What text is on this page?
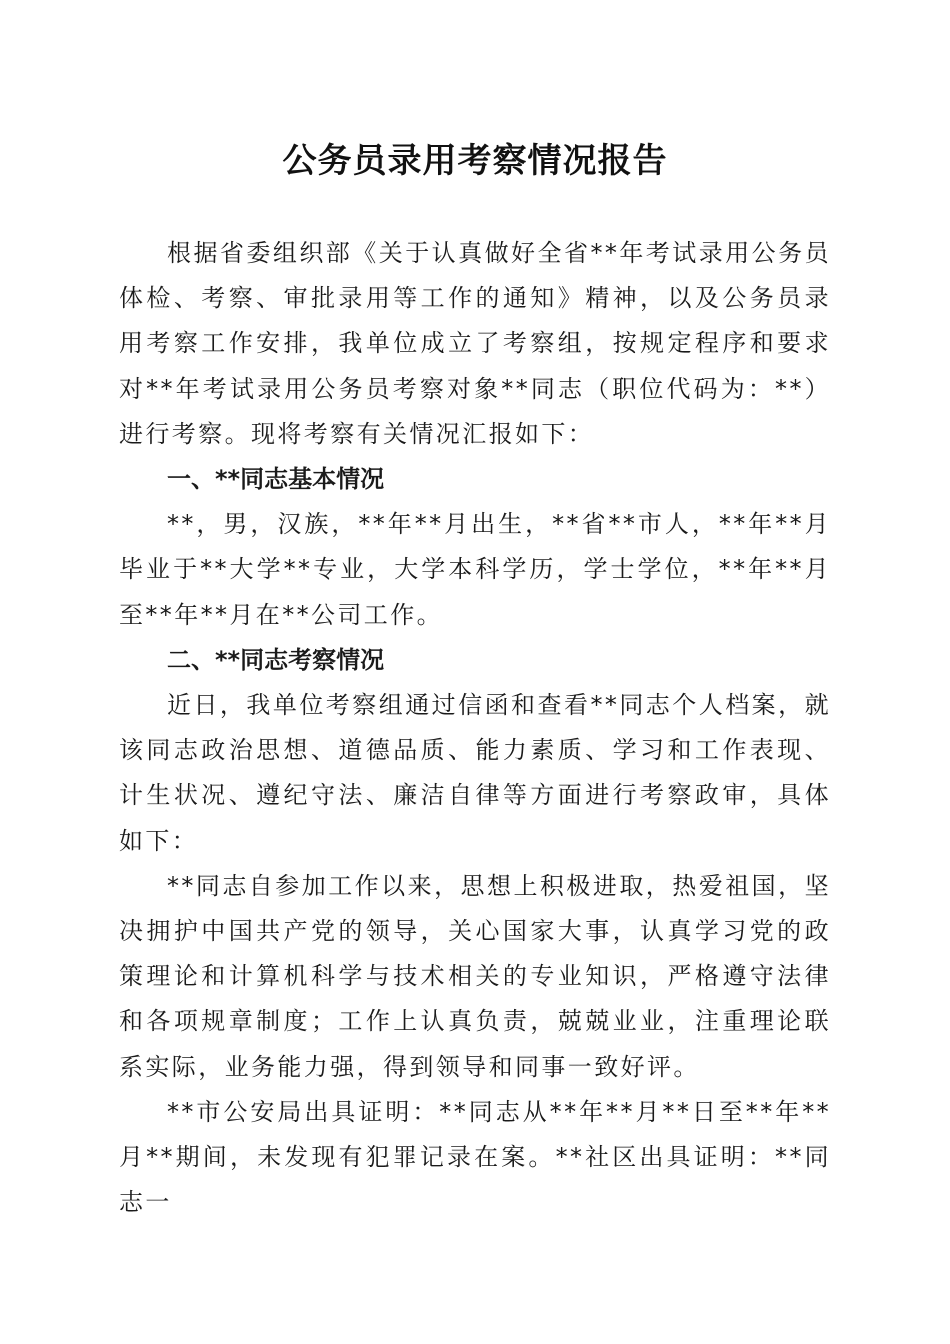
公务员录用考察情况报告

根据省委组织部《关于认真做好全省**年考试录用公务员体检、考察、审批录用等工作的通知》精神，以及公务员录用考察工作安排，我单位成立了考察组，按规定程序和要求对**年考试录用公务员考察对象**同志（职位代码为：**）进行考察。现将考察有关情况汇报如下：

一、**同志基本情况

**，男，汉族，**年**月出生，**省**市人，**年**月毕业于**大学**专业，大学本科学历，学士学位，**年**月至**年**月在**公司工作。

二、**同志考察情况

近日，我单位考察组通过信函和查看**同志个人档案，就该同志政治思想、道德品质、能力素质、学习和工作表现、计生状况、遵纪守法、廉洁自律等方面进行考察政审，具体如下：

**同志自参加工作以来，思想上积极进取，热爱祖国，坚决拥护中国共产党的领导，关心国家大事，认真学习党的政策理论和计算机科学与技术相关的专业知识，严格遵守法律和各项规章制度；工作上认真负责，兢兢业业，注重理论联系实际，业务能力强，得到领导和同事一致好评。

**市公安局出具证明：**同志从**年**月**日至**年**月**期间，未发现有犯罪记录在案。**社区出具证明：**同志一
